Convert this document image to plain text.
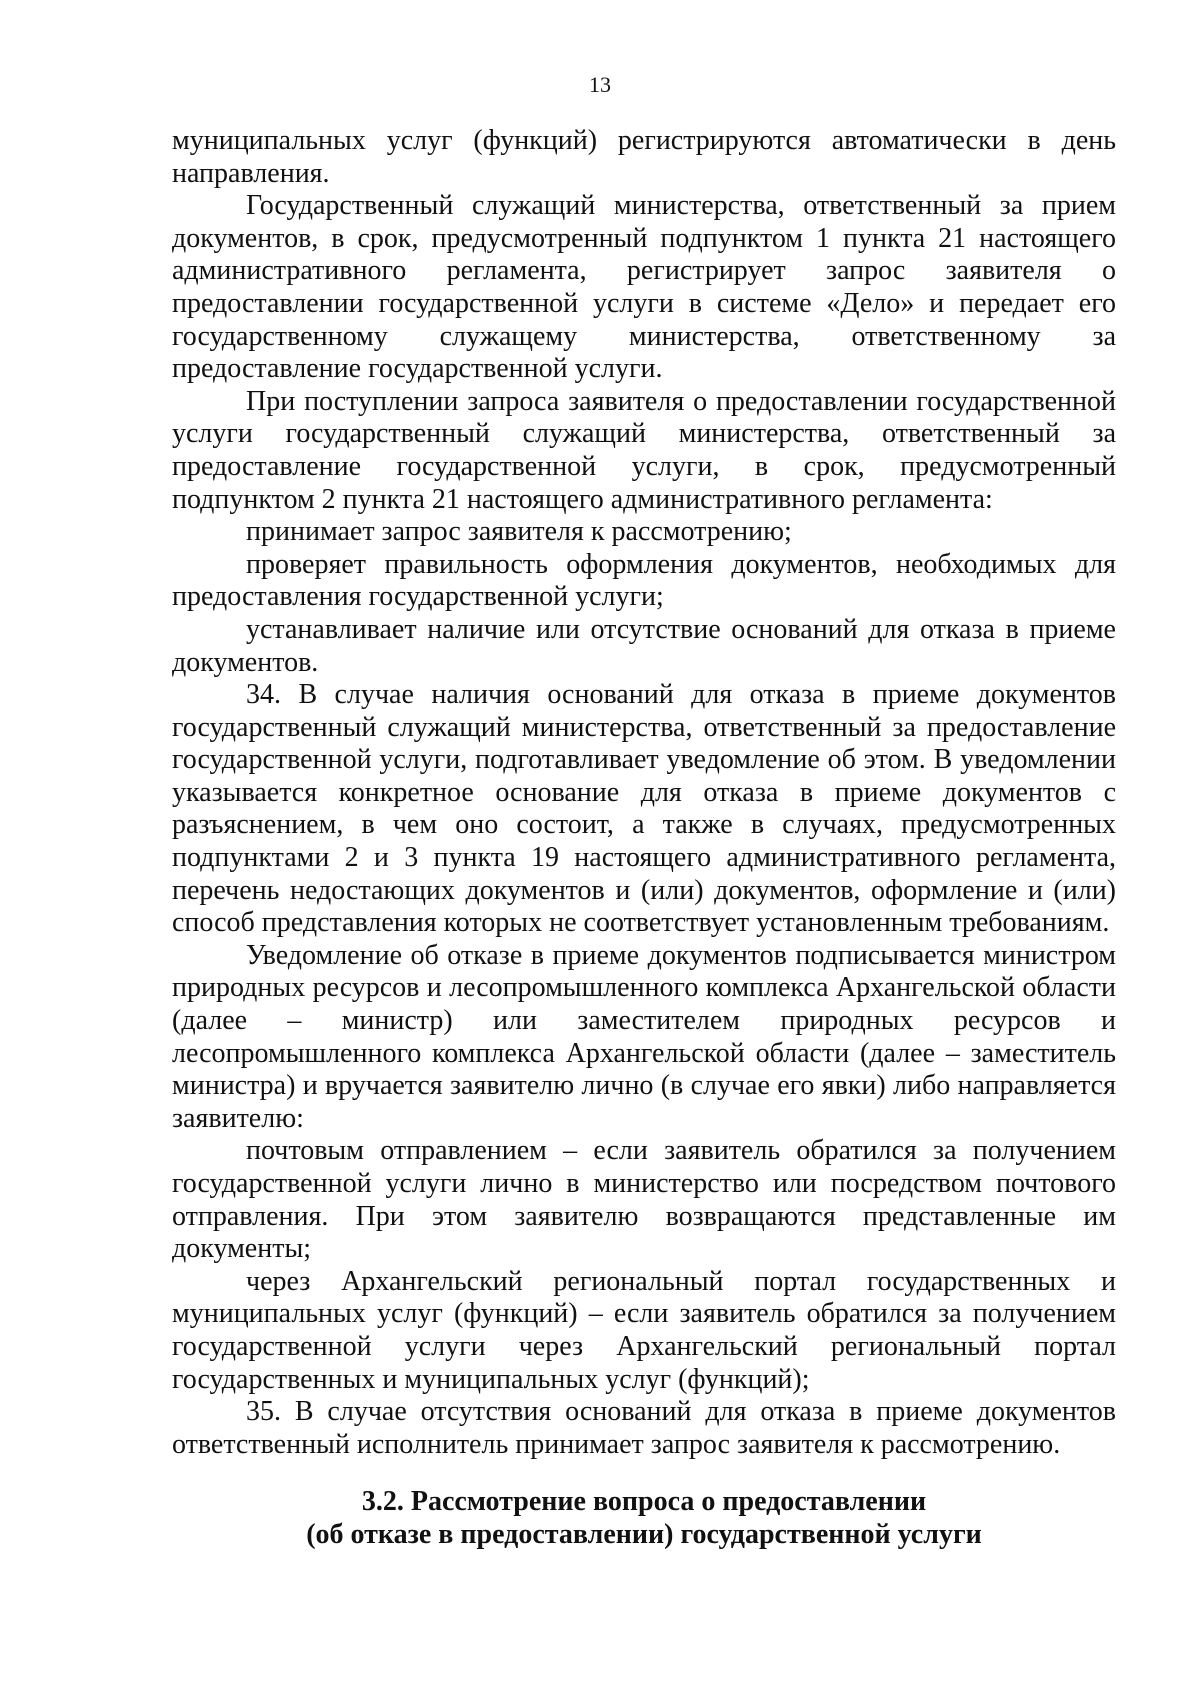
13

муниципальных услуг (функций) регистрируются автоматически в день направления.

Государственный служащий министерства, ответственный за прием документов, в срок, предусмотренный подпунктом 1 пункта 21 настоящего административного регламента, регистрирует запрос заявителя о предоставлении государственной услуги в системе «Дело» и передает его государственному служащему министерства, ответственному за предоставление государственной услуги.

При поступлении запроса заявителя о предоставлении государственной услуги государственный служащий министерства, ответственный за предоставление государственной услуги, в срок, предусмотренный подпунктом 2 пункта 21 настоящего административного регламента:

принимает запрос заявителя к рассмотрению;

проверяет правильность оформления документов, необходимых для предоставления государственной услуги;

устанавливает наличие или отсутствие оснований для отказа в приеме документов.

34. В случае наличия оснований для отказа в приеме документов государственный служащий министерства, ответственный за предоставление государственной услуги, подготавливает уведомление об этом. В уведомлении указывается конкретное основание для отказа в приеме документов с разъяснением, в чем оно состоит, а также в случаях, предусмотренных подпунктами 2 и 3 пункта 19 настоящего административного регламента, перечень недостающих документов и (или) документов, оформление и (или) способ представления которых не соответствует установленным требованиям.

Уведомление об отказе в приеме документов подписывается министром природных ресурсов и лесопромышленного комплекса Архангельской области (далее – министр) или заместителем природных ресурсов и лесопромышленного комплекса Архангельской области (далее – заместитель министра) и вручается заявителю лично (в случае его явки) либо направляется заявителю:

почтовым отправлением – если заявитель обратился за получением государственной услуги лично в министерство или посредством почтового отправления. При этом заявителю возвращаются представленные им документы;

через Архангельский региональный портал государственных и муниципальных услуг (функций) – если заявитель обратился за получением государственной услуги через Архангельский региональный портал государственных и муниципальных услуг (функций);

35. В случае отсутствия оснований для отказа в приеме документов ответственный исполнитель принимает запрос заявителя к рассмотрению.

3.2. Рассмотрение вопроса о предоставлении
(об отказе в предоставлении) государственной услуги
